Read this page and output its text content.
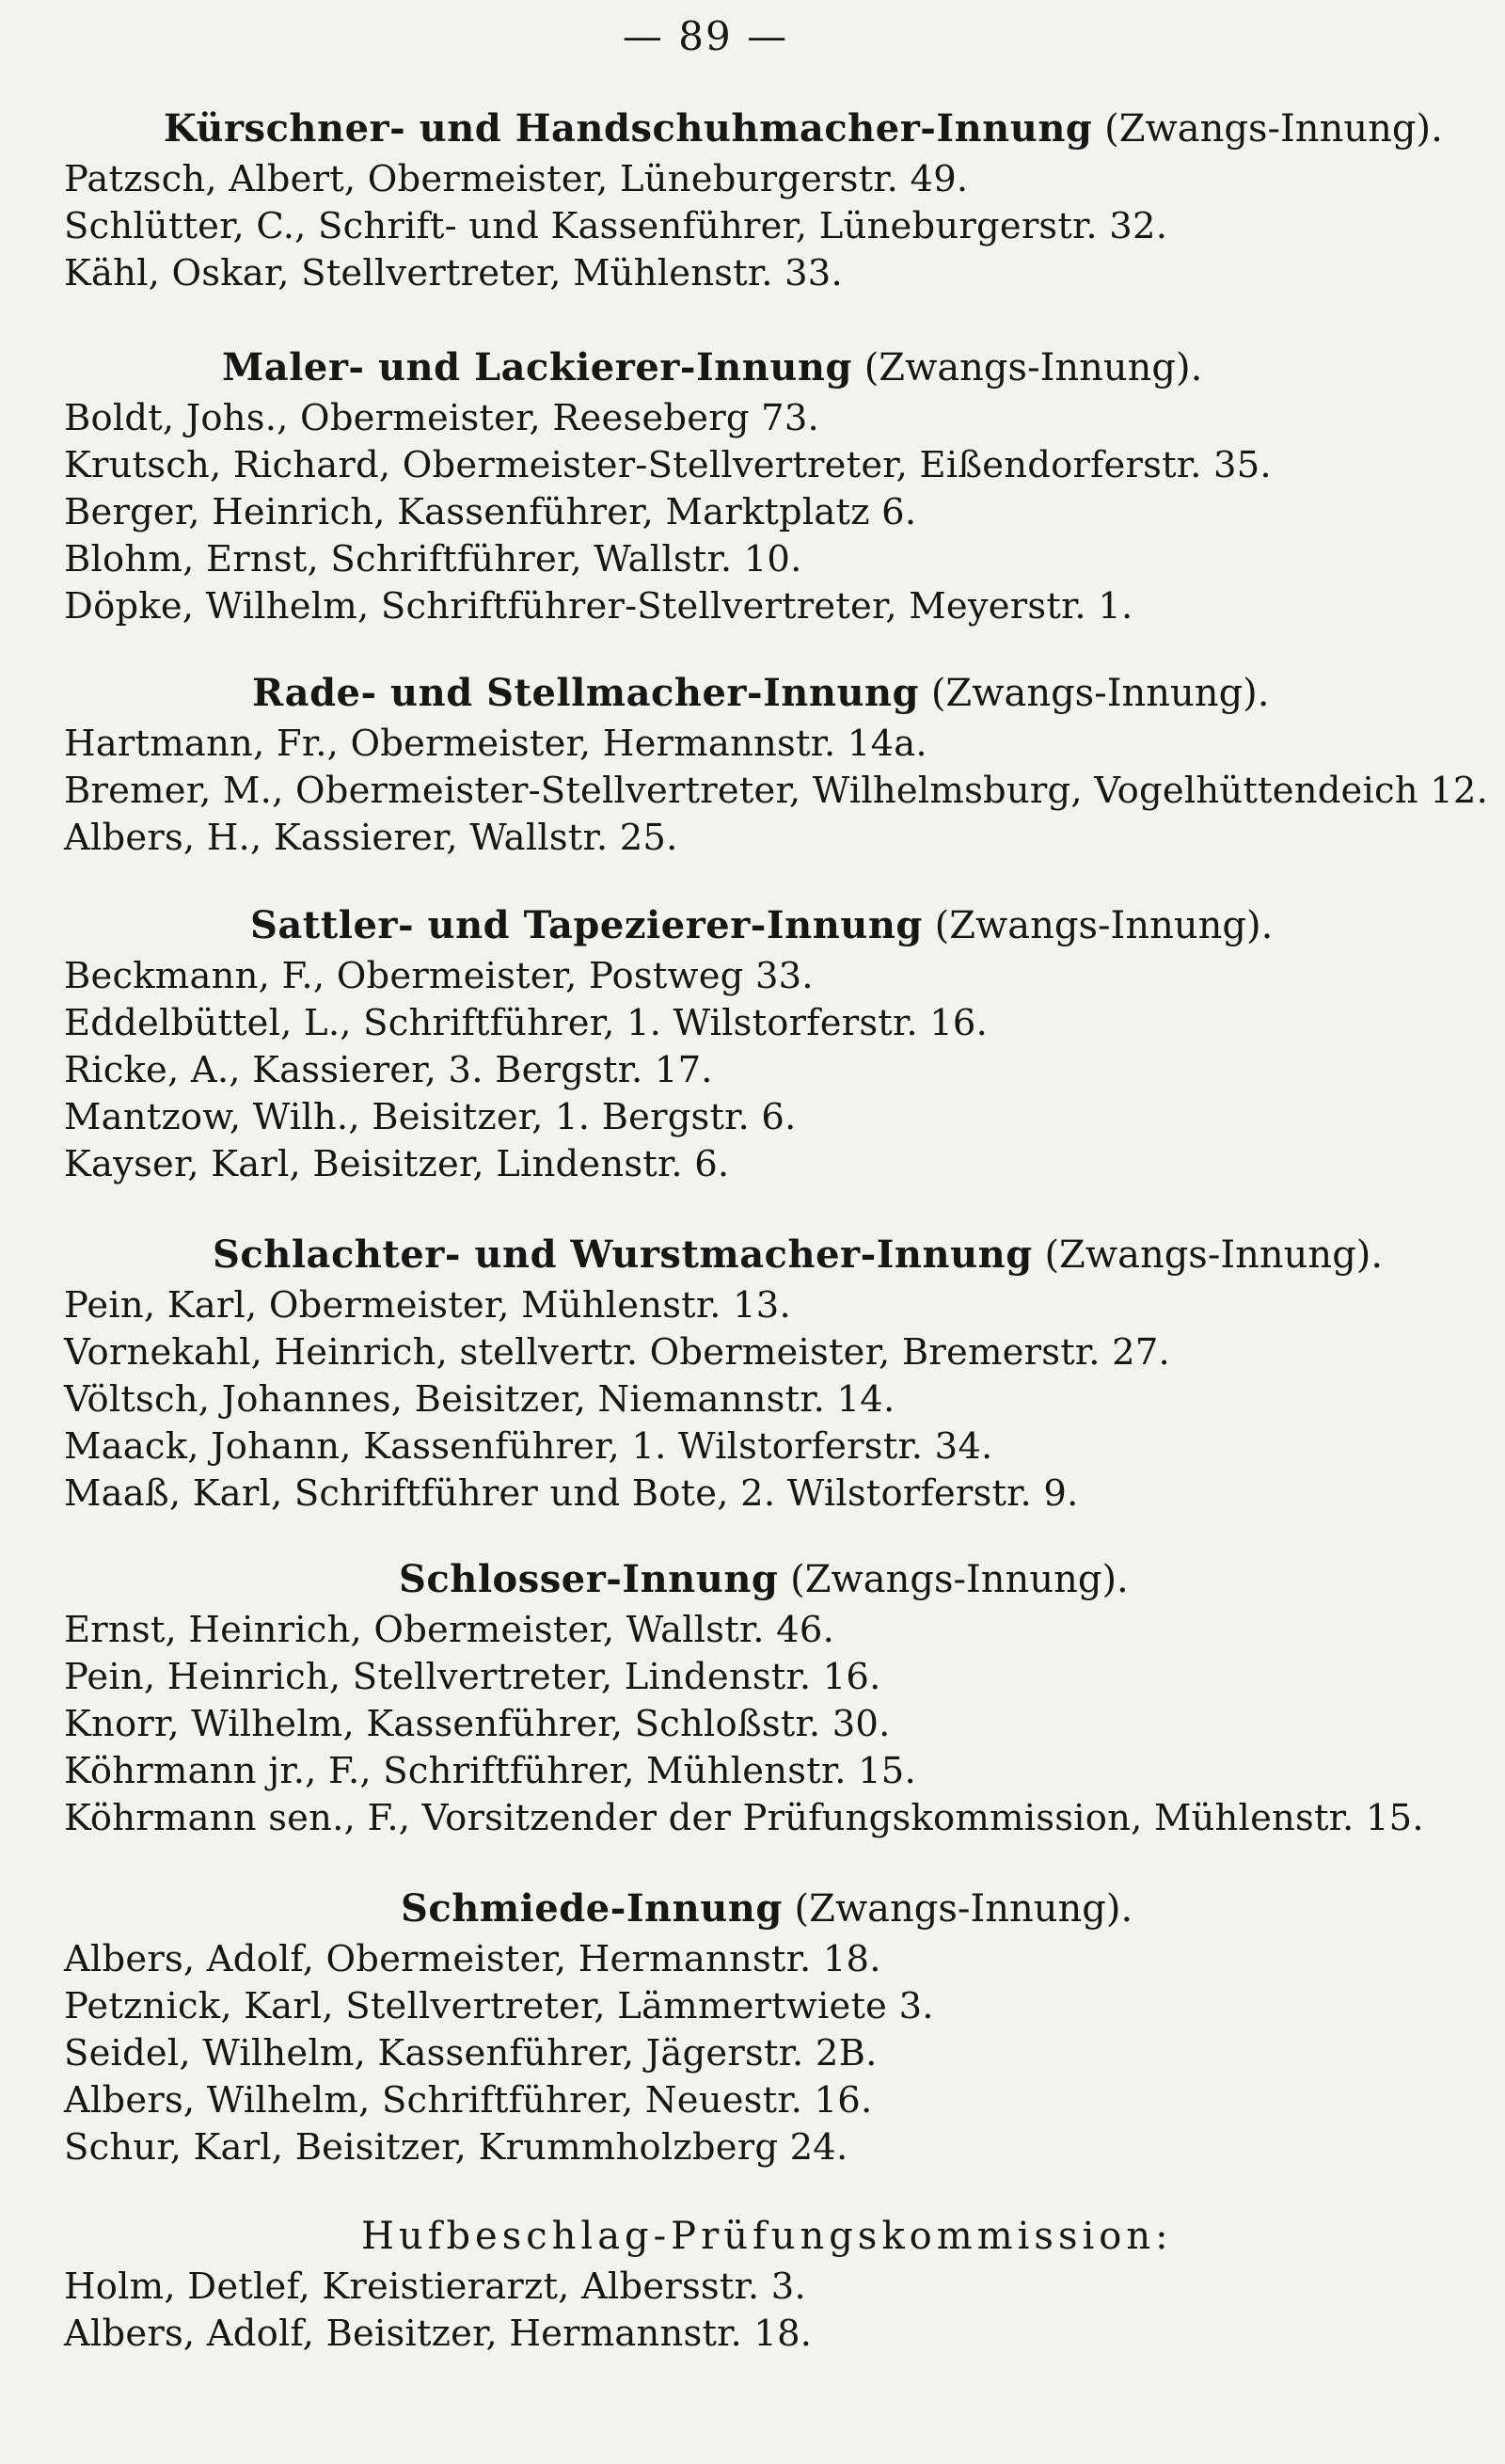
— 89 —
Kürschner- und Handschuhmacher-Innung (Zwangs-Innung).
Patzsch, Albert, Obermeister, Lüneburgerstr. 49.
Schlütter, C., Schrift- und Kassenführer, Lüneburgerstr. 32.
Kähl, Oskar, Stellvertreter, Mühlenstr. 33.
Maler- und Lackierer-Innung (Zwangs-Innung).
Boldt, Johs., Obermeister, Reeseberg 73.
Krutsch, Richard, Obermeister-Stellvertreter, Eißendorferstr. 35.
Berger, Heinrich, Kassenführer, Marktplatz 6.
Blohm, Ernst, Schriftführer, Wallstr. 10.
Döpke, Wilhelm, Schriftführer-Stellvertreter, Meyerstr. 1.
Rade- und Stellmacher-Innung (Zwangs-Innung).
Hartmann, Fr., Obermeister, Hermannstr. 14a.
Bremer, M., Obermeister-Stellvertreter, Wilhelmsburg, Vogelhüttendeich 12.
Albers, H., Kassierer, Wallstr. 25.
Sattler- und Tapezierer-Innung (Zwangs-Innung).
Beckmann, F., Obermeister, Postweg 33.
Eddelbüttel, L., Schriftführer, 1. Wilstorferstr. 16.
Ricke, A., Kassierer, 3. Bergstr. 17.
Mantzow, Wilh., Beisitzer, 1. Bergstr. 6.
Kayser, Karl, Beisitzer, Lindenstr. 6.
Schlachter- und Wurstmacher-Innung (Zwangs-Innung).
Pein, Karl, Obermeister, Mühlenstr. 13.
Vornekahl, Heinrich, stellvertr. Obermeister, Bremerstr. 27.
Völtsch, Johannes, Beisitzer, Niemannstr. 14.
Maack, Johann, Kassenführer, 1. Wilstorferstr. 34.
Maaß, Karl, Schriftführer und Bote, 2. Wilstorferstr. 9.
Schlosser-Innung (Zwangs-Innung).
Ernst, Heinrich, Obermeister, Wallstr. 46.
Pein, Heinrich, Stellvertreter, Lindenstr. 16.
Knorr, Wilhelm, Kassenführer, Schloßstr. 30.
Köhrmann jr., F., Schriftführer, Mühlenstr. 15.
Köhrmann sen., F., Vorsitzender der Prüfungskommission, Mühlenstr. 15.
Schmiede-Innung (Zwangs-Innung).
Albers, Adolf, Obermeister, Hermannstr. 18.
Petznick, Karl, Stellvertreter, Lämmertwiete 3.
Seidel, Wilhelm, Kassenführer, Jägerstr. 2B.
Albers, Wilhelm, Schriftführer, Neuestr. 16.
Schur, Karl, Beisitzer, Krummholzberg 24.
Hufbeschlag-Prüfungskommission:
Holm, Detlef, Kreistierarzt, Albersstr. 3.
Albers, Adolf, Beisitzer, Hermannstr. 18.
